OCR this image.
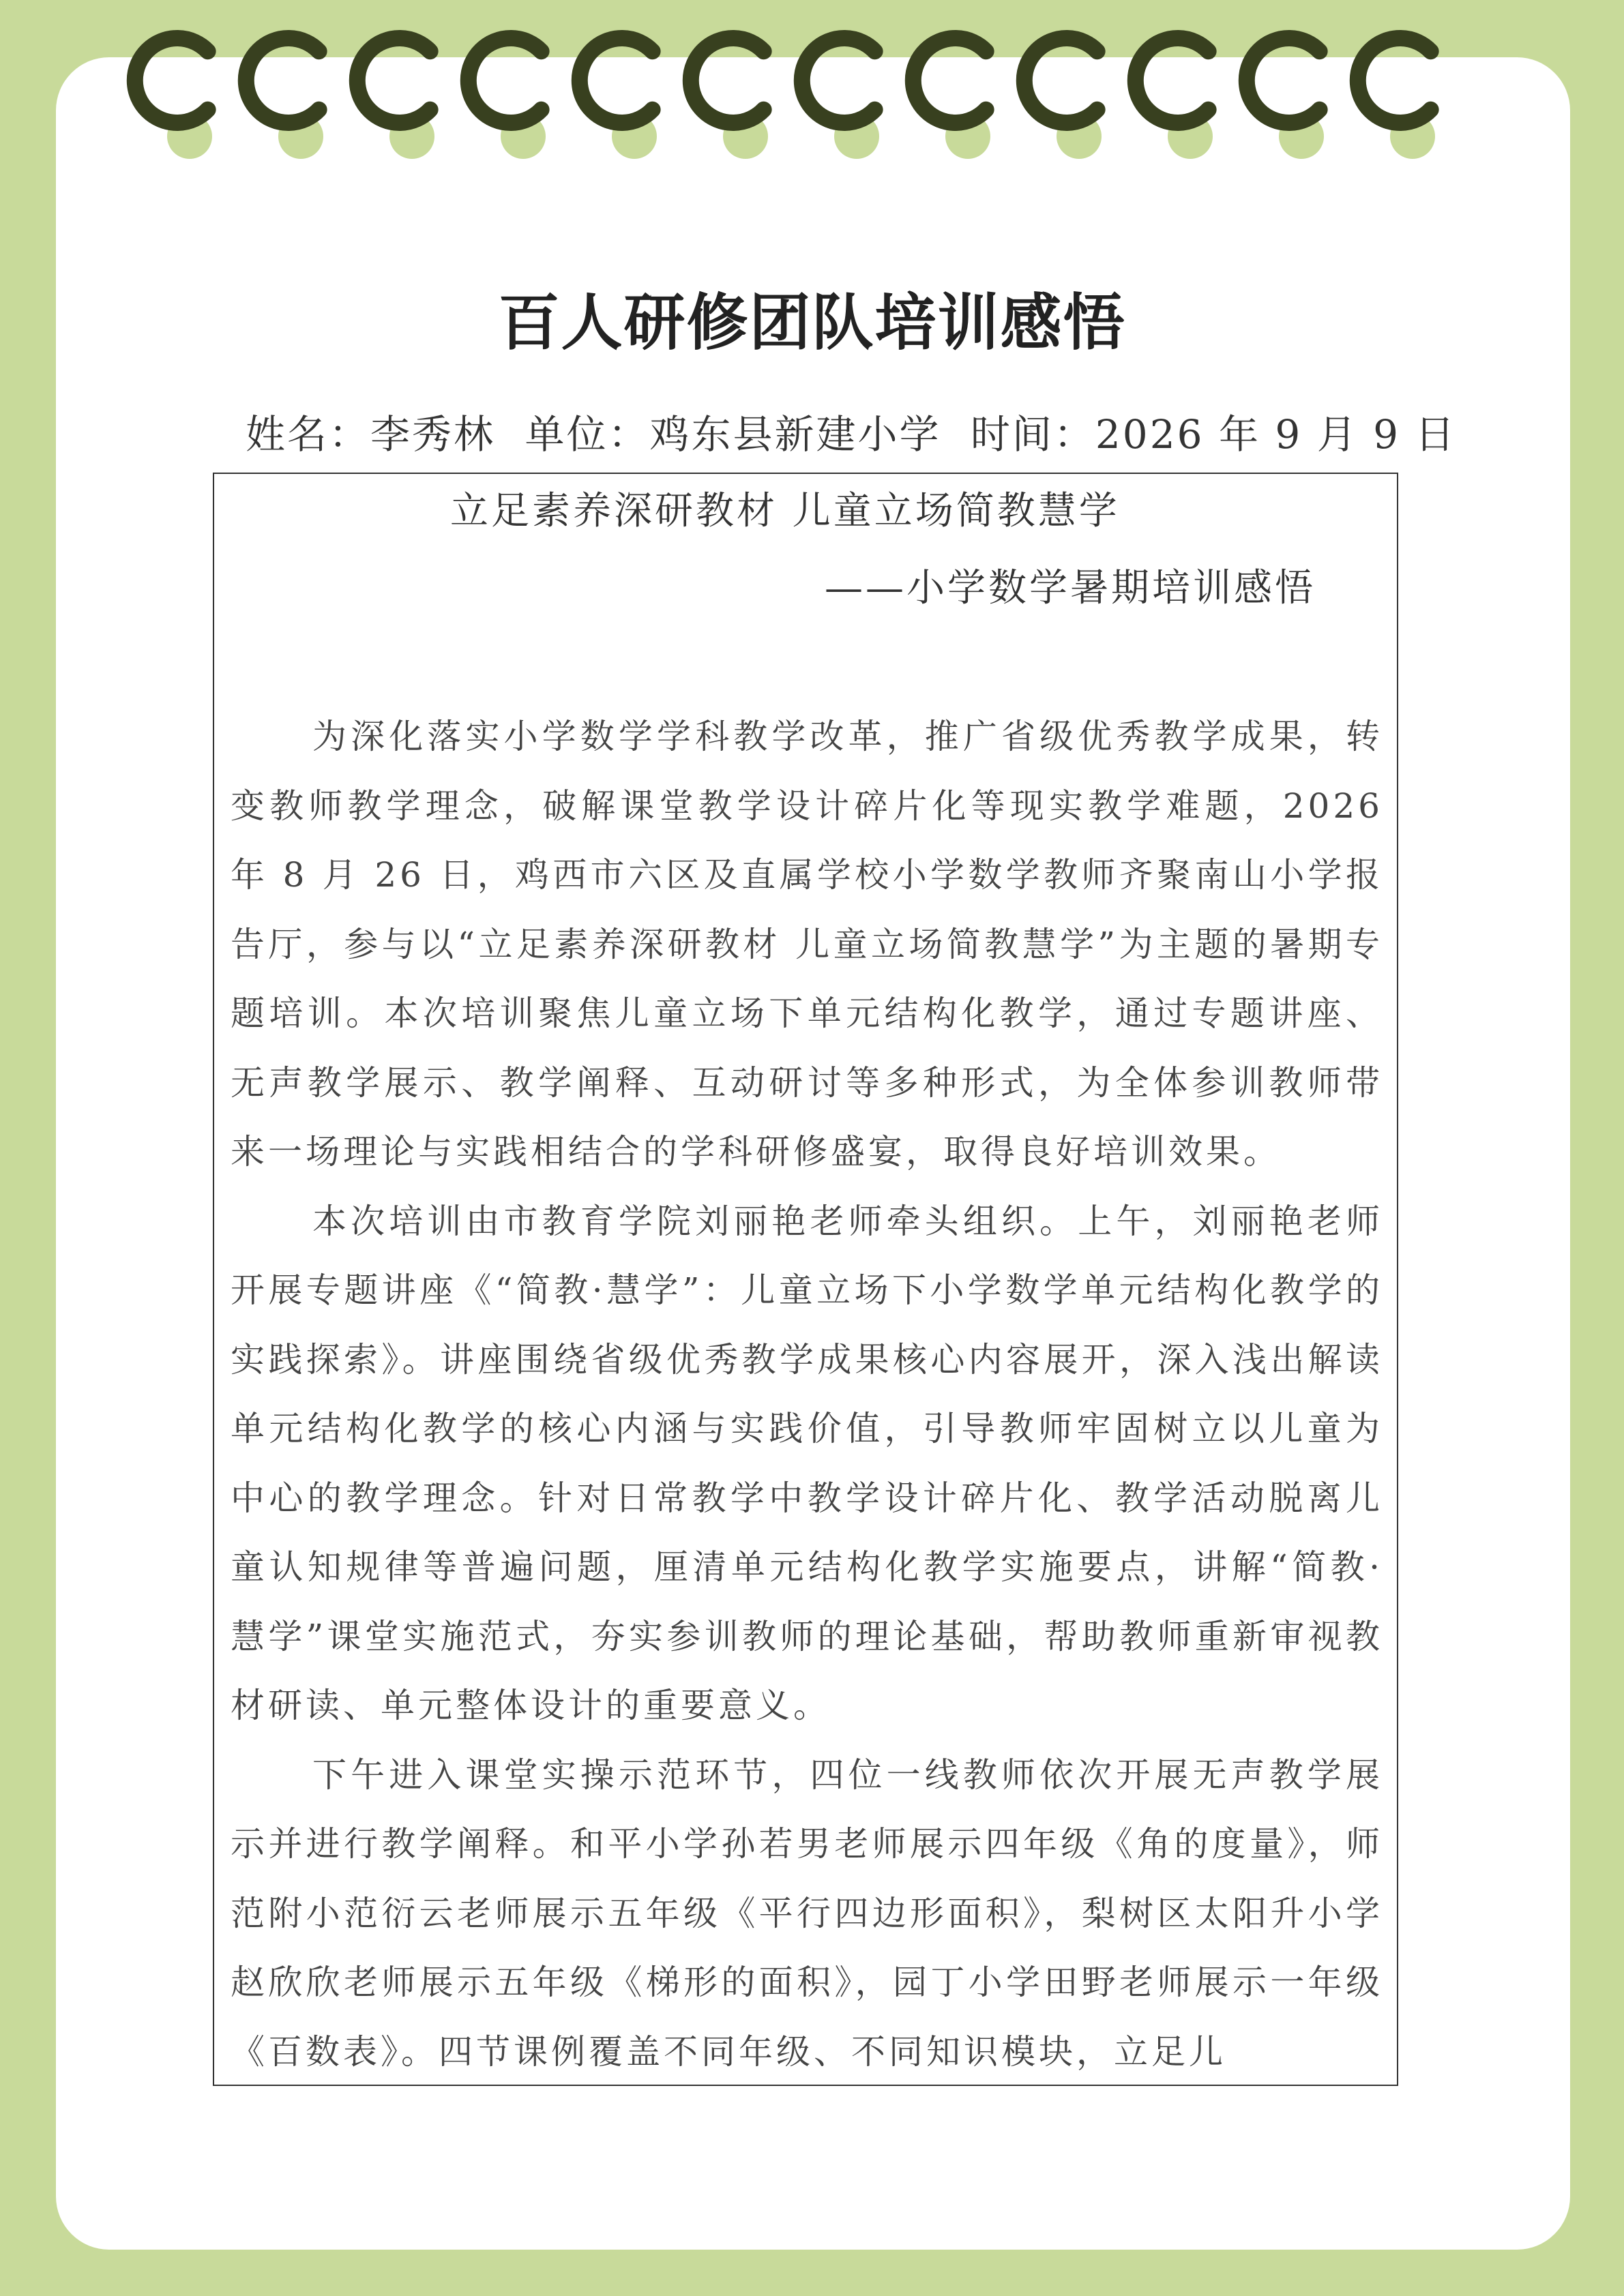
百人研修团队培训感悟
姓名：李秀林 单位：鸡东县新建小学 时间：2026 年 9 月 9 日
立足素养深研教材 儿童立场简教慧学
——小学数学暑期培训感悟

为深化落实小学数学学科教学改革，推广省级优秀教学成果，转变教师教学理念，破解课堂教学设计碎片化等现实教学难题，2026 年 8 月 26 日，鸡西市六区及直属学校小学数学教师齐聚南山小学报告厅，参与以“立足素养深研教材 儿童立场简教慧学”为主题的暑期专题培训。本次培训聚焦儿童立场下单元结构化教学，通过专题讲座、无声教学展示、教学阐释、互动研讨等多种形式，为全体参训教师带来一场理论与实践相结合的学科研修盛宴，取得良好培训效果。

本次培训由市教育学院刘丽艳老师牵头组织。上午，刘丽艳老师开展专题讲座《“简教·慧学”：儿童立场下小学数学单元结构化教学的实践探索》。讲座围绕省级优秀教学成果核心内容展开，深入浅出解读单元结构化教学的核心内涵与实践价值，引导教师牢固树立以儿童为中心的教学理念。针对日常教学中教学设计碎片化、教学活动脱离儿童认知规律等普遍问题，厘清单元结构化教学实施要点，讲解“简教·慧学”课堂实施范式，夯实参训教师的理论基础，帮助教师重新审视教材研读、单元整体设计的重要意义。

下午进入课堂实操示范环节，四位一线教师依次开展无声教学展示并进行教学阐释。和平小学孙若男老师展示四年级《角的度量》，师范附小范衍云老师展示五年级《平行四边形面积》，梨树区太阳升小学赵欣欣老师展示五年级《梯形的面积》，园丁小学田野老师展示一年级《百数表》。四节课例覆盖不同年级、不同知识模块，立足儿
